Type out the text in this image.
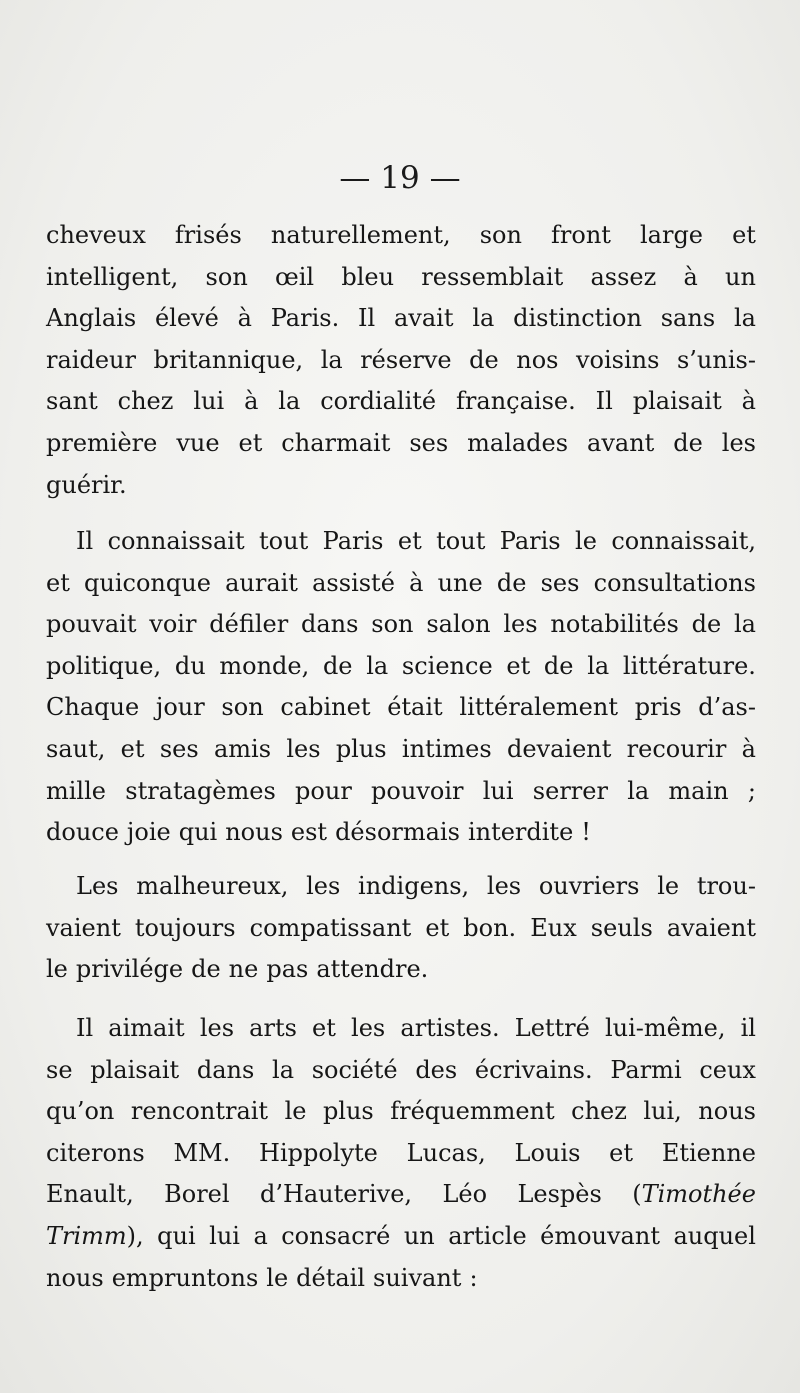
— 19 —
cheveux frisés naturellement, son front large et
intelligent, son œil bleu ressemblait assez à un
Anglais élevé à Paris. Il avait la distinction sans la
raideur britannique, la réserve de nos voisins s’unis-
sant chez lui à la cordialité française. Il plaisait à
première vue et charmait ses malades avant de les
guérir.
Il connaissait tout Paris et tout Paris le connaissait,
et quiconque aurait assisté à une de ses consultations
pouvait voir défiler dans son salon les notabilités de la
politique, du monde, de la science et de la littérature.
Chaque jour son cabinet était littéralement pris d’as-
saut, et ses amis les plus intimes devaient recourir à
mille stratagèmes pour pouvoir lui serrer la main ;
douce joie qui nous est désormais interdite !
Les malheureux, les indigens, les ouvriers le trou-
vaient toujours compatissant et bon. Eux seuls avaient
le privilége de ne pas attendre.
Il aimait les arts et les artistes. Lettré lui-même, il
se plaisait dans la société des écrivains. Parmi ceux
qu’on rencontrait le plus fréquemment chez lui, nous
citerons MM. Hippolyte Lucas, Louis et Etienne
Enault, Borel d’Hauterive, Léo Lespès (Timothée
Trimm), qui lui a consacré un article émouvant auquel
nous empruntons le détail suivant :
